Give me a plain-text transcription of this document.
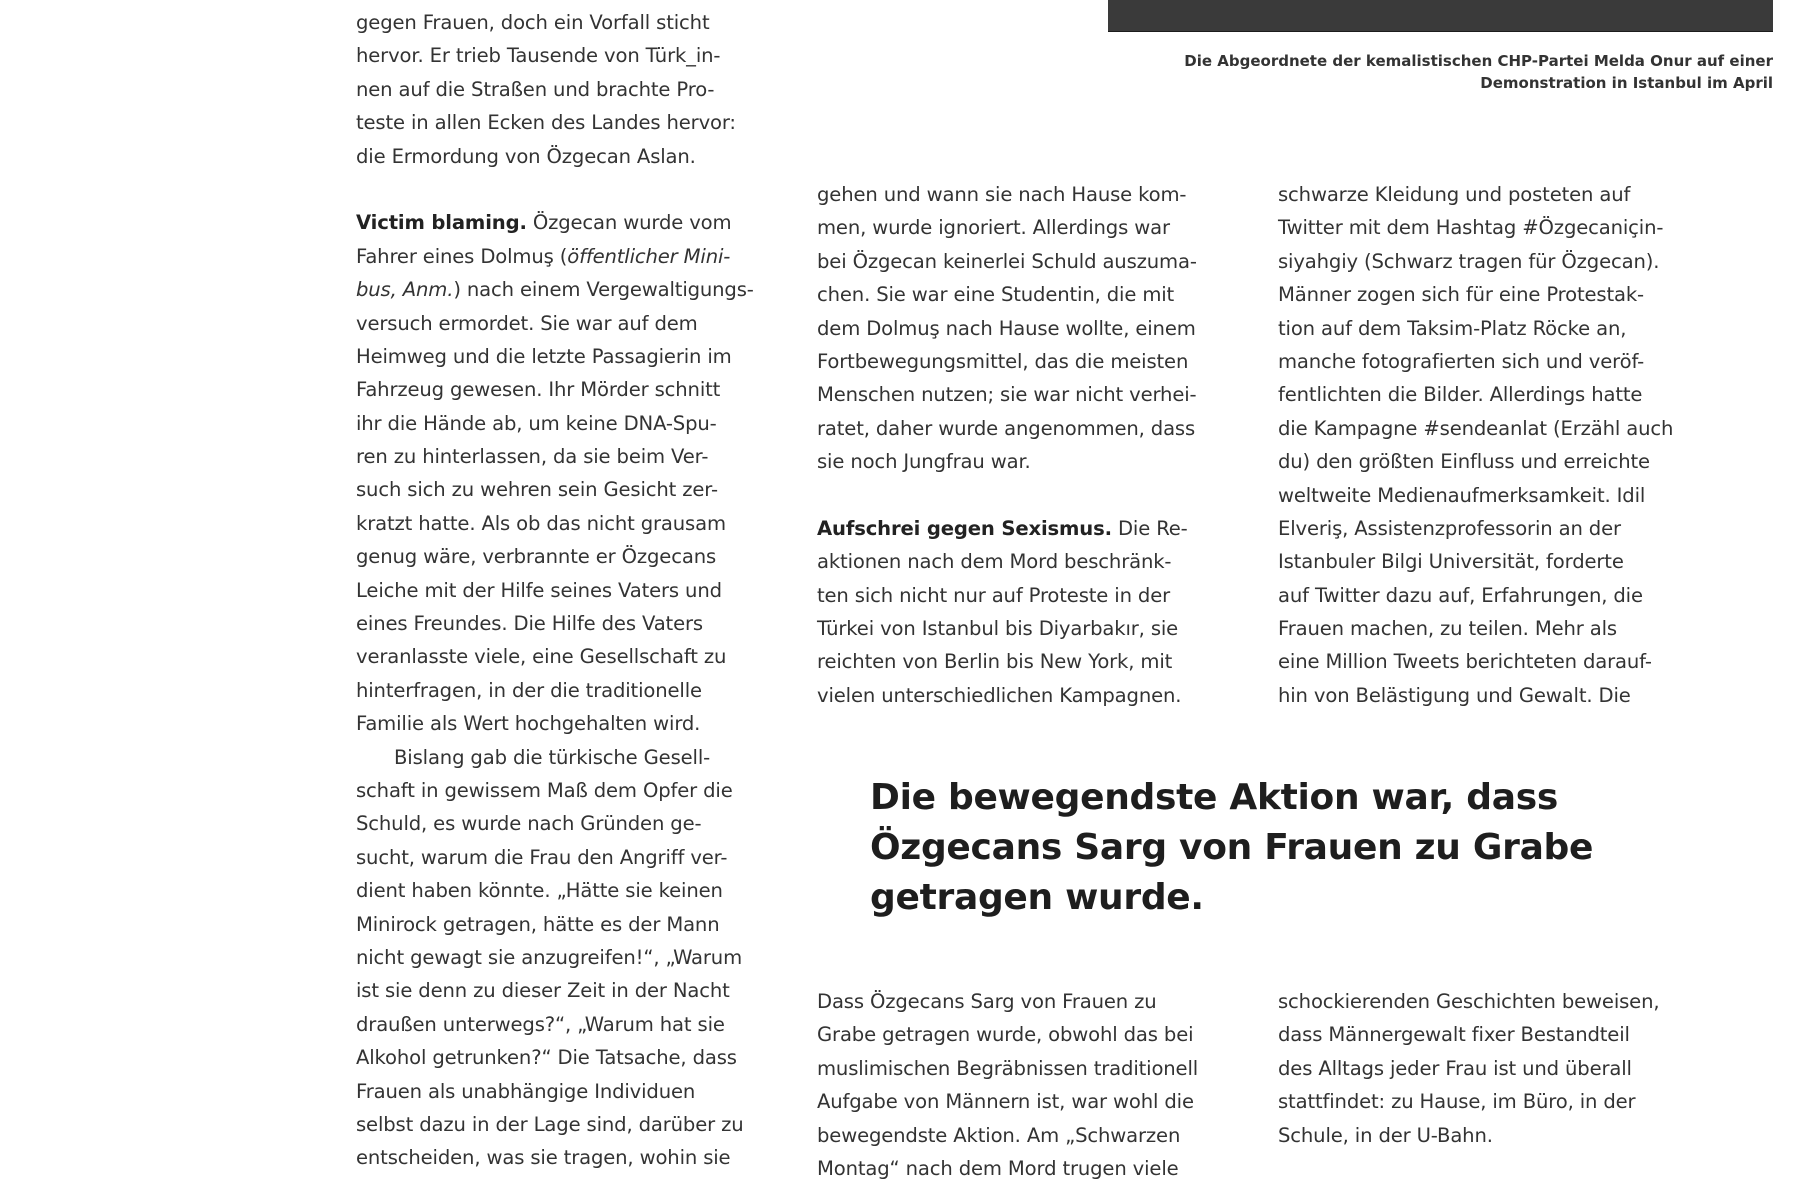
Die Abgeordnete der kemalistischen CHP-Partei Melda Onur auf einer
Demonstration in Istanbul im April
gegen Frauen, doch ein Vorfall sticht
hervor. Er trieb Tausende von Türk_in-
nen auf die Straßen und brachte Pro-
teste in allen Ecken des Landes hervor:
die Ermordung von Özgecan Aslan.
Victim blaming. Özgecan wurde vom
Fahrer eines Dolmuş (öffentlicher Mini-
bus, Anm.) nach einem Vergewaltigungs-
versuch ermordet. Sie war auf dem
Heimweg und die letzte Passagierin im
Fahrzeug gewesen. Ihr Mörder schnitt
ihr die Hände ab, um keine DNA-Spu-
ren zu hinterlassen, da sie beim Ver-
such sich zu wehren sein Gesicht zer-
kratzt hatte. Als ob das nicht grausam
genug wäre, verbrannte er Özgecans
Leiche mit der Hilfe seines Vaters und
eines Freundes. Die Hilfe des Vaters
veranlasste viele, eine Gesellschaft zu
hinterfragen, in der die traditionelle
Familie als Wert hochgehalten wird.
Bislang gab die türkische Gesell-
schaft in gewissem Maß dem Opfer die
Schuld, es wurde nach Gründen ge-
sucht, warum die Frau den Angriff ver-
dient haben könnte. „Hätte sie keinen
Minirock getragen, hätte es der Mann
nicht gewagt sie anzugreifen!“, „Warum
ist sie denn zu dieser Zeit in der Nacht
draußen unterwegs?“, „Warum hat sie
Alkohol getrunken?“ Die Tatsache, dass
Frauen als unabhängige Individuen
selbst dazu in der Lage sind, darüber zu
entscheiden, was sie tragen, wohin sie
gehen und wann sie nach Hause kom-
men, wurde ignoriert. Allerdings war
bei Özgecan keinerlei Schuld auszuma-
chen. Sie war eine Studentin, die mit
dem Dolmuş nach Hause wollte, einem
Fortbewegungsmittel, das die meisten
Menschen nutzen; sie war nicht verhei-
ratet, daher wurde angenommen, dass
sie noch Jungfrau war.
Aufschrei gegen Sexismus. Die Re-
aktionen nach dem Mord beschränk-
ten sich nicht nur auf Proteste in der
Türkei von Istanbul bis Diyarbakır, sie
reichten von Berlin bis New York, mit
vielen unterschiedlichen Kampagnen.
schwarze Kleidung und posteten auf
Twitter mit dem Hashtag #Özgecaniçin-
siyahgiy (Schwarz tragen für Özgecan).
Männer zogen sich für eine Protestak-
tion auf dem Taksim-Platz Röcke an,
manche fotografierten sich und veröf-
fentlichten die Bilder. Allerdings hatte
die Kampagne #sendeanlat (Erzähl auch
du) den größten Einfluss und erreichte
weltweite Medienaufmerksamkeit. Idil
Elveriş, Assistenzprofessorin an der
Istanbuler Bilgi Universität, forderte
auf Twitter dazu auf, Erfahrungen, die
Frauen machen, zu teilen. Mehr als
eine Million Tweets berichteten darauf-
hin von Belästigung und Gewalt. Die
Die bewegendste Aktion war, dass
Özgecans Sarg von Frauen zu Grabe
getragen wurde.
Dass Özgecans Sarg von Frauen zu
Grabe getragen wurde, obwohl das bei
muslimischen Begräbnissen traditionell
Aufgabe von Männern ist, war wohl die
bewegendste Aktion. Am „Schwarzen
Montag“ nach dem Mord trugen viele
schockierenden Geschichten beweisen,
dass Männergewalt fixer Bestandteil
des Alltags jeder Frau ist und überall
stattfindet: zu Hause, im Büro, in der
Schule, in der U-Bahn.
